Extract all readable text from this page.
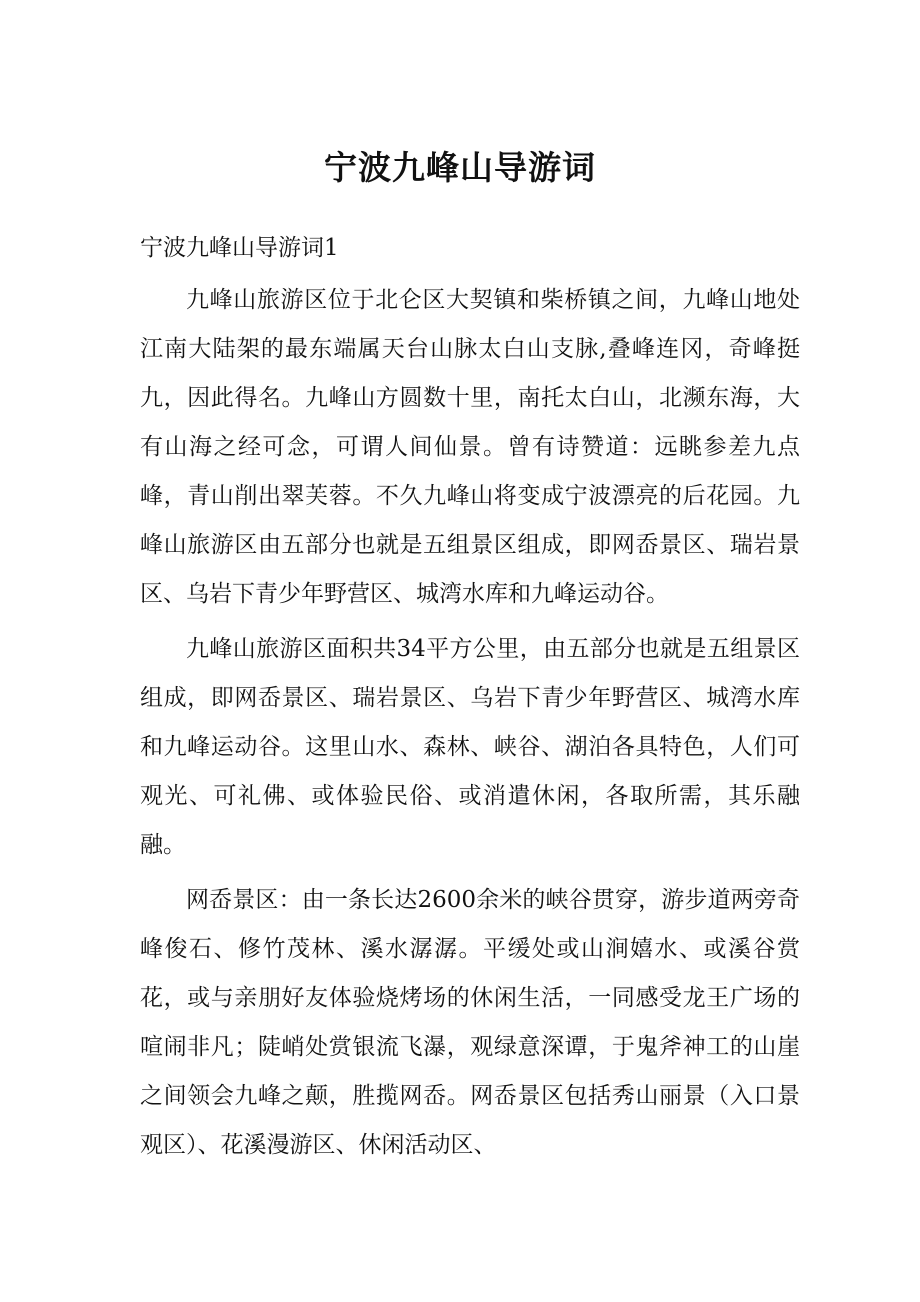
宁波九峰山导游词

宁波九峰山导游词1

九峰山旅游区位于北仑区大契镇和柴桥镇之间，九峰山地处江南大陆架的最东端属天台山脉太白山支脉,叠峰连冈，奇峰挺九，因此得名。九峰山方圆数十里，南托太白山，北濒东海，大有山海之经可念，可谓人间仙景。曾有诗赞道：远眺参差九点峰，青山削出翠芙蓉。不久九峰山将变成宁波漂亮的后花园。九峰山旅游区由五部分也就是五组景区组成，即网岙景区、瑞岩景区、乌岩下青少年野营区、城湾水库和九峰运动谷。

九峰山旅游区面积共34平方公里，由五部分也就是五组景区组成，即网岙景区、瑞岩景区、乌岩下青少年野营区、城湾水库和九峰运动谷。这里山水、森林、峡谷、湖泊各具特色，人们可观光、可礼佛、或体验民俗、或消遣休闲，各取所需，其乐融融。

网岙景区：由一条长达2600余米的峡谷贯穿，游步道两旁奇峰俊石、修竹茂林、溪水潺潺。平缓处或山涧嬉水、或溪谷赏花，或与亲朋好友体验烧烤场的休闲生活，一同感受龙王广场的喧闹非凡；陡峭处赏银流飞瀑，观绿意深谭，于鬼斧神工的山崖之间领会九峰之颠，胜揽网岙。网岙景区包括秀山丽景（入口景观区）、花溪漫游区、休闲活动区、
